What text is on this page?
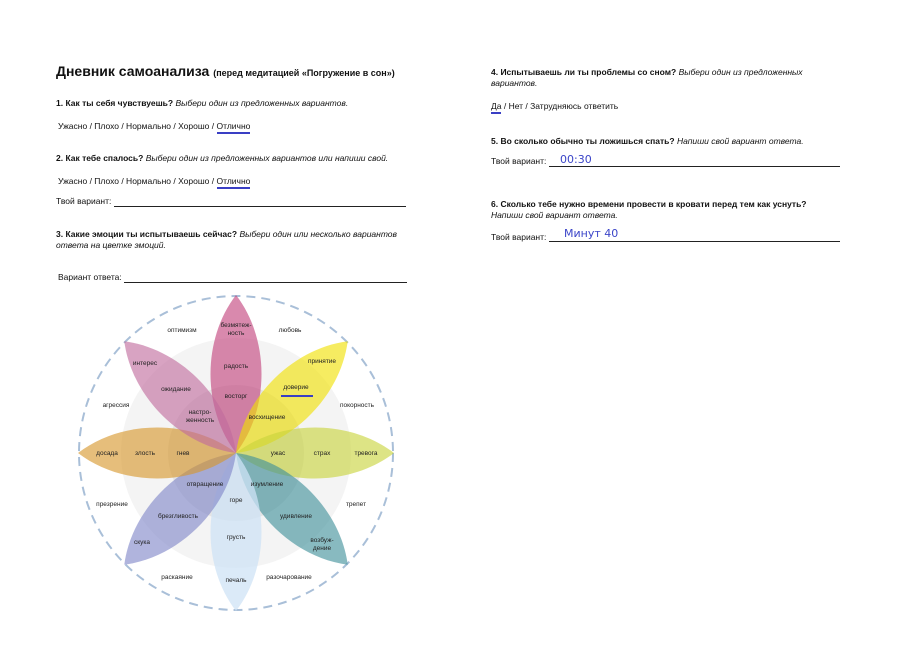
Дневник самоанализа (перед медитацией «Погружение в сон»)
1. Как ты себя чувствуешь? Выбери один из предложенных вариантов.
Ужасно / Плохо / Нормально / Хорошо / Отлично
2. Как тебе спалось? Выбери один из предложенных вариантов или напиши свой.
Ужасно / Плохо / Нормально / Хорошо / Отлично
Твой вариант:
3. Какие эмоции ты испытываешь сейчас? Выбери один или несколько вариантов ответа на цветке эмоций.
Вариант ответа:
4. Испытываешь ли ты проблемы со сном? Выбери один из предложенных вариантов.
Да / Нет / Затрудняюсь ответить
5. Во сколько обычно ты ложишься спать? Напиши свой вариант ответа.
Твой вариант: 00:30
6. Сколько тебе нужно времени провести в кровати перед тем как уснуть?
Напиши свой вариант ответа.
Твой вариант: Минут 40
безмятеж-ность
радость
восторг
принятие
доверие
восхищение
тревога
страх
ужас
возбуж-дение
удивление
изумление
печаль
грусть
горе
скука
брезгливость
отвращение
досада	злость	гнев
интерес
ожидание
настро-женность
оптимизм	любовь
покорность
трепет
разочарование
раскаяние
презрение
агрессия
